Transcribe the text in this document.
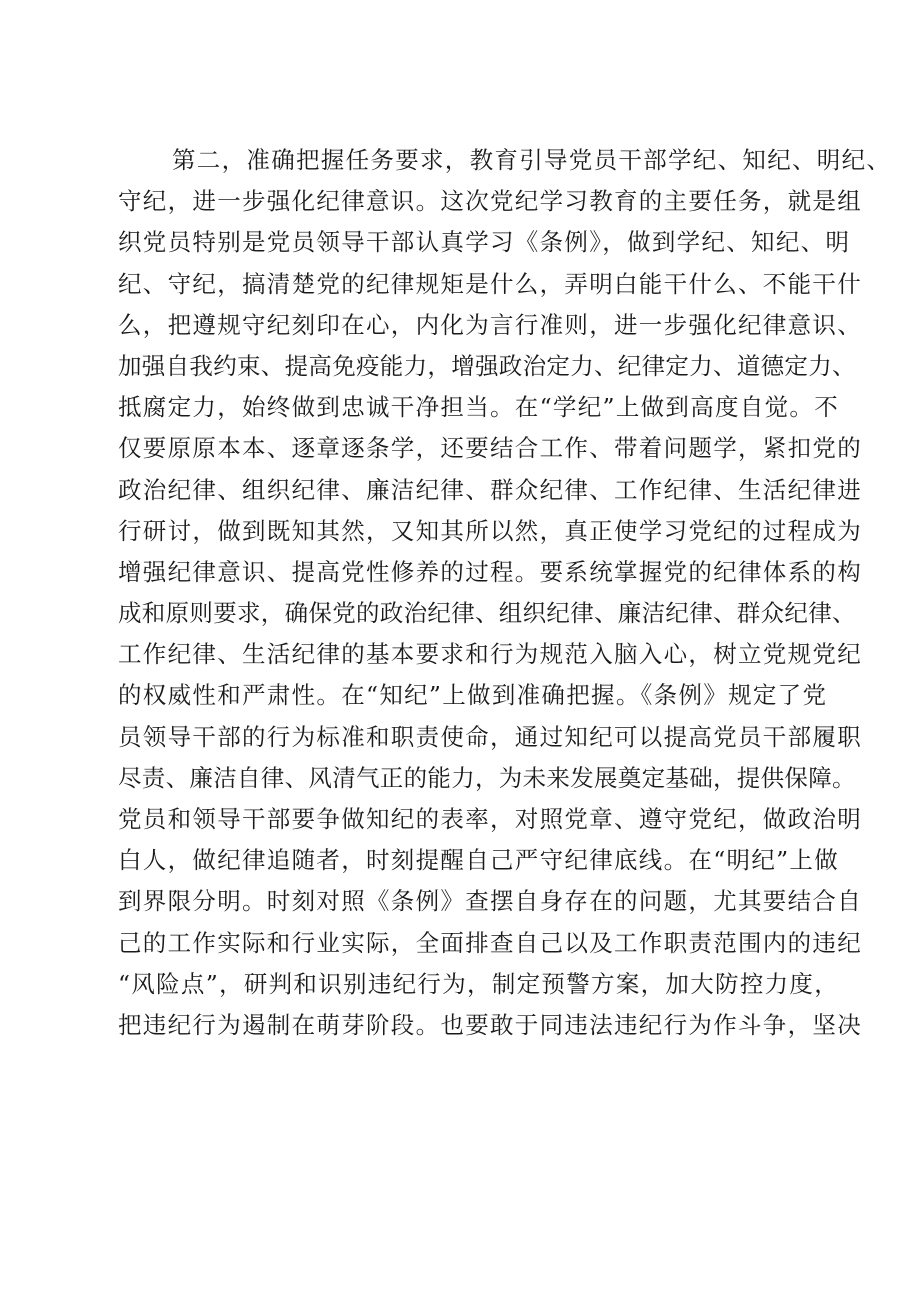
第二，准确把握任务要求，教育引导党员干部学纪、知纪、明纪、
守纪，进一步强化纪律意识。这次党纪学习教育的主要任务，就是组
织党员特别是党员领导干部认真学习《条例》，做到学纪、知纪、明
纪、守纪，搞清楚党的纪律规矩是什么，弄明白能干什么、不能干什
么，把遵规守纪刻印在心，内化为言行准则，进一步强化纪律意识、
加强自我约束、提高免疫能力，增强政治定力、纪律定力、道德定力、
抵腐定力，始终做到忠诚干净担当。在“学纪”上做到高度自觉。不
仅要原原本本、逐章逐条学，还要结合工作、带着问题学，紧扣党的
政治纪律、组织纪律、廉洁纪律、群众纪律、工作纪律、生活纪律进
行研讨，做到既知其然，又知其所以然，真正使学习党纪的过程成为
增强纪律意识、提高党性修养的过程。要系统掌握党的纪律体系的构
成和原则要求，确保党的政治纪律、组织纪律、廉洁纪律、群众纪律、
工作纪律、生活纪律的基本要求和行为规范入脑入心，树立党规党纪
的权威性和严肃性。在“知纪”上做到准确把握。《条例》规定了党
员领导干部的行为标准和职责使命，通过知纪可以提高党员干部履职
尽责、廉洁自律、风清气正的能力，为未来发展奠定基础，提供保障。
党员和领导干部要争做知纪的表率，对照党章、遵守党纪，做政治明
白人，做纪律追随者，时刻提醒自己严守纪律底线。在“明纪”上做
到界限分明。时刻对照《条例》查摆自身存在的问题，尤其要结合自
己的工作实际和行业实际，全面排查自己以及工作职责范围内的违纪
“风险点”，研判和识别违纪行为，制定预警方案，加大防控力度，
把违纪行为遏制在萌芽阶段。也要敢于同违法违纪行为作斗争，坚决
